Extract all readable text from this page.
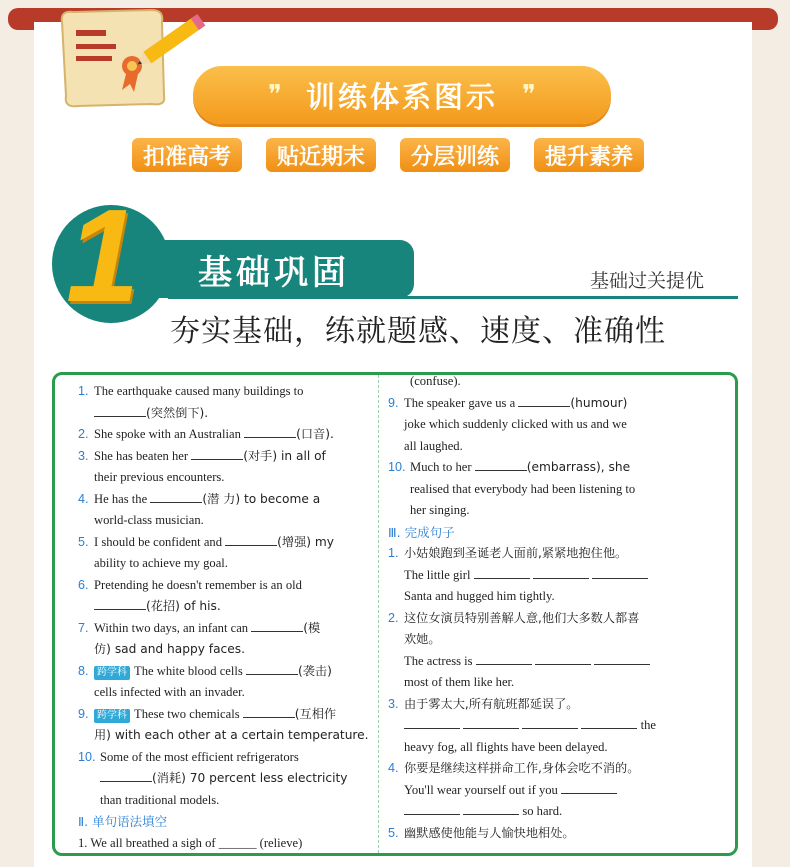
❞ 训练体系图示 ❞
扣准高考	贴近期末	分层训练	提升素养
基础巩固
1	基础过关提优
夯实基础，练就题感、速度、准确性
1. The earthquake caused many buildings to
(突然倒下).
2. She spoke with an Australian	(口音).
3. She has beaten her	(对手) in all of
their previous encounters.
4. He has the	(潜 力) to become a
world-class musician.
5. I should be confident and	(增强) my
ability to achieve my goal.
6. Pretending he doesn't remember is an old
(花招) of his.
7. Within two days, an infant can	(模
仿) sad and happy faces.
8. 跨学科 The white blood cells	(袭击)
cells infected with an invader.
9. 跨学科 These two chemicals	(互相作
用) with each other at a certain temperature.
10. Some of the most efficient refrigerators
(消耗) 70 percent less electricity
than traditional models.
Ⅱ. 单句语法填空
1. We all breathed a sigh of ______ (relieve)
(confuse).
9. The speaker gave us a	(humour)
joke which suddenly clicked with us and we
all laughed.
10. Much to her	(embarrass), she
realised that everybody had been listening to
her singing.
Ⅲ. 完成句子
1. 小姑娘跑到圣诞老人面前,紧紧地抱住他。
The little girl
Santa and hugged him tightly.
2. 这位女演员特别善解人意,他们大多数人都喜
欢她。
The actress is
most of them like her.
3. 由于雾太大,所有航班都延误了。
the
heavy fog, all flights have been delayed.
4. 你要是继续这样拼命工作,身体会吃不消的。
You'll wear yourself out if you
so hard.
5. 幽默感使他能与人愉快地相处。
